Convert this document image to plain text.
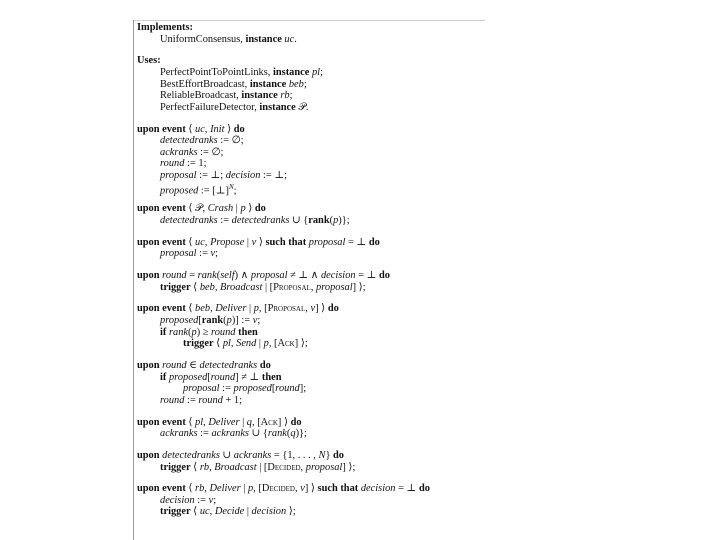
Implements:
UniformConsensus, instance uc.
Uses:
PerfectPointToPointLinks, instance pl;
BestEffortBroadcast, instance beb;
ReliableBroadcast, instance rb;
PerfectFailureDetector, instance 𝒫.
upon event ⟨ uc, Init ⟩ do
detectedranks := ∅;
ackranks := ∅;
round := 1;
proposal := ⊥; decision := ⊥;
proposed := [⊥]$^N$;
upon event ⟨ 𝒫, Crash | p ⟩ do
detectedranks := detectedranks ∪ {rank(p)};
upon event ⟨ uc, Propose | v ⟩ such that proposal = ⊥ do
proposal := v;
upon round = rank(self) ∧ proposal ≠ ⊥ ∧ decision = ⊥ do
trigger ⟨ beb, Broadcast | [Proposal, proposal] ⟩;
upon event ⟨ beb, Deliver | p, [Proposal, v] ⟩ do
proposed[rank(p)] := v;
if rank(p) ≥ round then
trigger ⟨ pl, Send | p, [Ack] ⟩;
upon round ∈ detectedranks do
if proposed[round] ≠ ⊥ then
proposal := proposed[round];
round := round + 1;
upon event ⟨ pl, Deliver | q, [Ack] ⟩ do
ackranks := ackranks ∪ {rank(q)};
upon detectedranks ∪ ackranks = {1, . . . , N} do
trigger ⟨ rb, Broadcast | [Decided, proposal] ⟩;
upon event ⟨ rb, Deliver | p, [Decided, v] ⟩ such that decision = ⊥ do
decision := v;
trigger ⟨ uc, Decide | decision ⟩;
